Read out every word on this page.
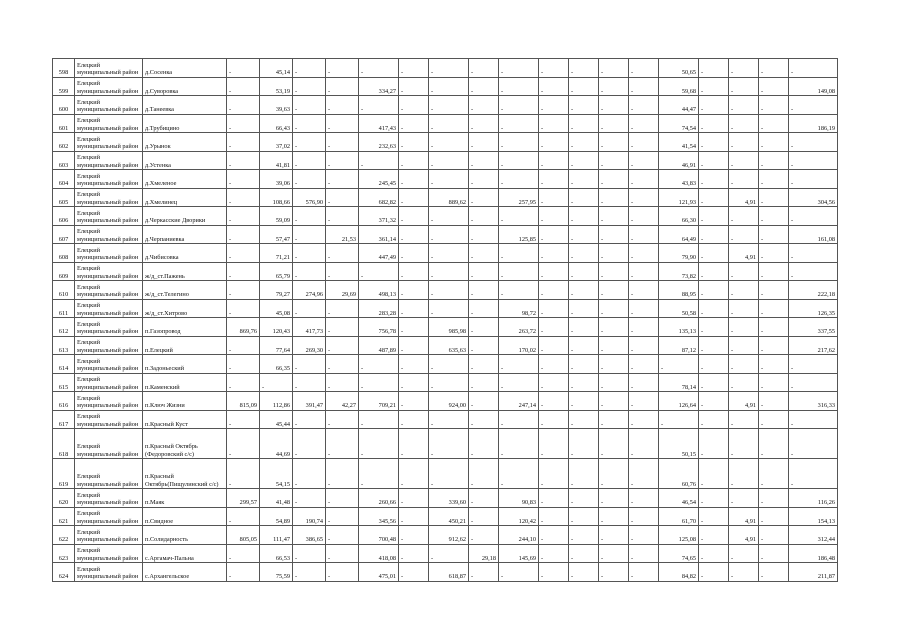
598	Елецкий муниципальный район	д.Сосенка	-	45,14	-	-	-	-	-	-	-	-	-	-	-	50,65	-	-	-	-
599	Елецкий муниципальный район	д.Суворовка	-	53,19	-	-	334,27	-	-	-	-	-	-	-	-	59,68	-	-	-	149,08
600	Елецкий муниципальный район	д.Танеевка	-	39,63	-	-	-	-	-	-	-	-	-	-	-	44,47	-	-	-	-
601	Елецкий муниципальный район	д.Трубицино	-	66,43	-	-	417,43	-	-	-	-	-	-	-	-	74,54	-	-	-	186,19
602	Елецкий муниципальный район	д.Урынок	-	37,02	-	-	232,63	-	-	-	-	-	-	-	-	41,54	-	-	-	-
603	Елецкий муниципальный район	д.Устенка	-	41,81	-	-	-	-	-	-	-	-	-	-	-	46,91	-	-	-	-
604	Елецкий муниципальный район	д.Хмеленое	-	39,06	-	-	245,45	-	-	-	-	-	-	-	-	43,83	-	-	-	-
605	Елецкий муниципальный район	д.Хмелинец	-	108,66	576,90	-	682,82	-	889,62	-	257,95	-	-	-	-	121,93	-	4,91	-	304,56
606	Елецкий муниципальный район	д.Черкасские Дворики	-	59,09	-	-	371,32	-	-	-	-	-	-	-	-	66,30	-	-	-	-
607	Елецкий муниципальный район	д.Черпаниевка	-	57,47	-	21,53	361,14	-	-	-	125,85	-	-	-	-	64,49	-	-	-	161,08
608	Елецкий муниципальный район	д.Чибисовка	-	71,21	-	-	447,49	-	-	-	-	-	-	-	-	79,90	-	4,91	-	-
609	Елецкий муниципальный район	ж/д_ст.Пажень	-	65,79	-	-	-	-	-	-	-	-	-	-	-	73,82	-	-	-	-
610	Елецкий муниципальный район	ж/д_ст.Телегино	-	79,27	274,96	29,69	498,13	-	-	-	-	-	-	-	-	88,95	-	-	-	222,18
611	Елецкий муниципальный район	ж/д_ст.Хитрово	-	45,08	-	-	283,28	-	-	-	98,72	-	-	-	-	50,58	-	-	-	126,35
612	Елецкий муниципальный район	п.Газопровод	869,76	120,43	417,73	-	756,78	-	985,98	-	263,72	-	-	-	-	135,13	-	-	-	337,55
613	Елецкий муниципальный район	п.Елецкий	-	77,64	269,30	-	487,89	-	635,63	-	170,02	-	-	-	-	87,12	-	-	-	217,62
614	Елецкий муниципальный район	п.Задонье​ский	-	66,35	-	-	-	-	-	-	-	-	-	-	-	-	-	-	-	-
615	Елецкий муниципальный район	п.Каменский	-	-	-	-	-	-	-	-	-	-	-	-	-	78,14	-	-	-	-
616	Елецкий муниципальный район	п.Ключ Жизни	815,09	112,86	391,47	42,27	709,21	-	924,00	-	247,14	-	-	-	-	126,64	-	4,91	-	316,33
617	Елецкий муниципальный район	п.Красный Куст	-	45,44	-	-	-	-	-	-	-	-	-	-	-	-	-	-	-	-
618	Елецкий муниципальный район	п.Красный Октябрь (Федоровский с/с)	-	44,69	-	-	-	-	-	-	-	-	-	-	-	50,15	-	-	-	-
619	Елецкий муниципальный район	п.Красный Октябрь(Пищулинский с/с)	-	54,15	-	-	-	-	-	-	-	-	-	-	-	60,76	-	-	-	-
620	Елецкий муниципальный район	п.Маяк	299,57	41,48	-	-	260,66	-	339,60	-	90,83	-	-	-	-	46,54	-	-	-	116,26
621	Елецкий муниципальный район	п.Свидное	-	54,89	190,74	-	345,56	-	450,21	-	120,42	-	-	-	-	61,70	-	4,91	-	154,13
622	Елецкий муниципальный район	п.Солидарность	805,05	111,47	386,65	-	700,48	-	912,62	-	244,10	-	-	-	-	125,08	-	4,91	-	312,44
623	Елецкий муниципальный район	с.Аргамач-Пальна	-	66,53	-	-	418,08	-	-	29,18	145,69	-	-	-	-	74,65	-	-	-	186,48
624	Елецкий муниципальный район	с.Архангельское	-	75,59	-	-	475,01	-	618,87	-	-	-	-	-	-	84,82	-	-	-	211,87
